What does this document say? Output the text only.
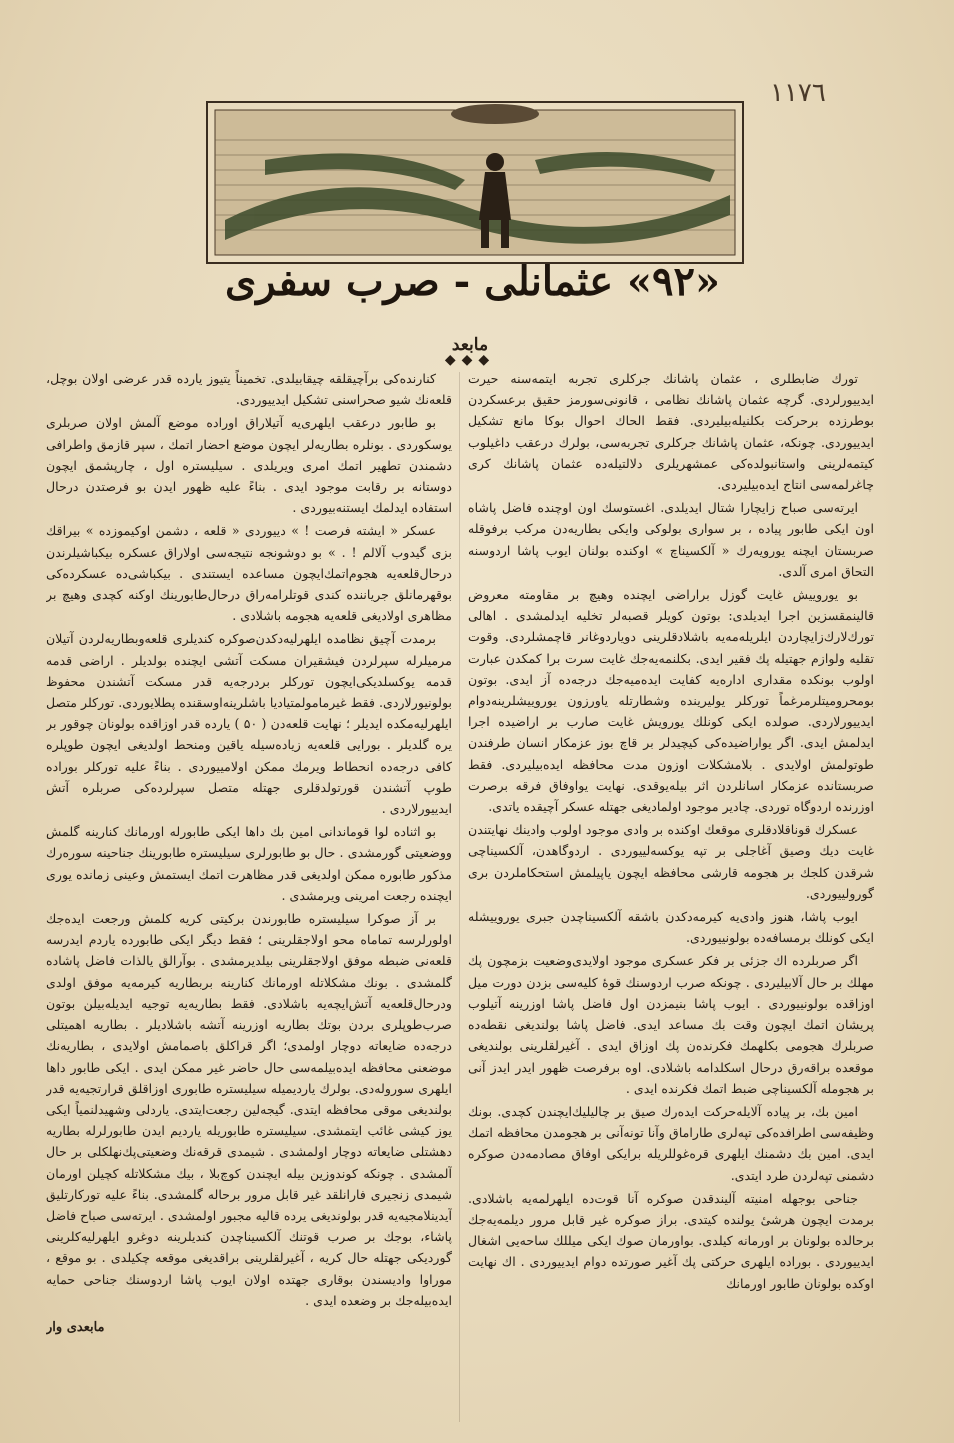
١١٧٦
«٩٢» عثمانلی - صرب سفری
مابعد
◆◆◆

تورك ضابطلری ، عثمان پاشانك جركلری تجربه ایتمه‌سنه حیرت ایدییورلردی. گرچه عثمان پاشانك نظامی ، قانونی‌سورمز حقیق برعسكردن بوطرزده برحرکت بكلنیله‌بیلیردی. فقط الحاك احوال بوكا مانع تشكیل ایدییوردی. چونكه، عثمان پاشانك جركلری تجربه‌سی، بولرك درعقب داغیلوب كیتمه‌لرینی واستانبولده‌كی عمشهریلری دلالتیله‌ده عثمان پاشانك كری چاغرلمه‌سی انتاج ایده‌بیلیردی.

ایرته‌سی صباح زایچارا شتال ایدیلدی. اغستوسك اون اوچنده فاضل پاشاه اون ایكی طابور پیاده ، بر سواری بولوكی وایكی بطاریه‌دن مركب برفوقله صربستان ایچنه یورویه‌رك « آلكسیناچ » اوكنده بولنان ایوب پاشا اردوسنه التحاق امری آلدی.

بو یوروییش غایت گوزل براراضی ایچنده وهیچ بر مقاومته معروض قالینمقسزین اجرا ایدیلدی: بوتون كویلر قصبه‌لر تخلیه ایدلمشدی . اهالی تورك‌لارك‌زایچاردن ایلریله‌مه‌یه باشلادقلرینی دویاردوغانر قاچمشلردی. وقوت تقلیه ولوازم جهتیله پك فقیر ایدی. بكلنمه‌یه‌جك غایت سرت برا كمكدن عبارت اولوب بونكده مقداری اداره‌یه كفایت ایده‌میه‌جك درجه‌ده آز ایدی. بوتون بومحرومیتلرمرغماً توركلر یولیرینده وشطارتله یاورزون یوروییشلرینه‌دوام ایدییورلاردی. صولده ایكی كونلك یورویش غایت‌ صارب بر اراضیده اجرا ایدلمش ایدی. اگر یواراضیده‌كی كیچیدلر بر قاچ بوز عزمكار انسان طرفندن طوتولمش اولایدی . بلامشكلات اوزون مدت محافظه ایده‌بیلیردی. فقط صربستانده عزمكار اسانلردن اثر بیله‌یوقدی. نهایت یواوفاق فرقه برصرت اوزرنده اردوگاه توردی. چادیر موجود اولمادیغی جهتله عسكر آچیقده یاتدی.

عسكرك قوناقلادقلری موقعك اوكنده بر وادی موجود اولوب وادینك نهایتندن غایت دیك وصیق آغاجلی بر تپه یوكسه‌لییوردی . اردوگاهدن، آلكسیناچی شرقدن كلجك بر هجومه قارشی محافظه ایچون یاپیلمش استحكاملردن بری گورولییوردی.

ایوب پاشا، هنوز وادی‌یه كیرمه‌دكدن باشقه آلكسیناچدن جبری یوروییشله ایكی كونلك برمسافه‌ده بولونییوردی.

اگر صربلرده اك جزئی بر فكر عسكری موجود اولایدی‌وضعیت بزمچون پك مهلك بر حال آلابیلیردی . چونكه صرب اردوسنك قوهٔ كلیه‌سی بزدن دورت میل اوزاقده بولونییوردی . ایوب پاشا بنیمزدن اول فاضل پاشا اوزرینه آتیلوب پریشان اتمك ایچون وقت بك مساعد ایدی. فاضل پاشا بولندیغی نقطه‌ده صربلرك هجومی بكلهمك فكرنده‌ن پك اوزاق ایدی . آغیرلقلرینی بولندیغی موقعده براقه‌رق درحال اسكلدامه باشلادی. اوه برفرصت ظهور ایدر ایدز آنی بر هجومله آلكسیناچی ضبط اتمك فكرنده ایدی .

امین بك، بر پیاده آلایله‌حركت ایده‌رك صیق بر چالیلیك‌ایچندن كچدی. بونك وظیفه‌سی اطرافده‌كی تپه‌لری طاراماق وآنا تونه‌آنی بر هجومدن محافظه اتمك ایدی. امین بك دشمنك ایلهری قره‌غوللریله برایكی اوفاق مصادمه‌دن صوكره دشمنی تپه‌لردن طرد ایتدی.

جناحی بوجهله امنیته آلیندقدن صوكره آنا قوت‌ده ایلهرلمه‌یه باشلادی. برمدت ایچون هرشیٔ یولنده كیتدی. براز صوكره غیر قابل مرور دیلمه‌یه‌جك برحالده بولونان بر اورمانه كیلدی. بواورمان صوك ایكی میللك ساحه‌یی اشغال ایدییوردی . بوراده ایلهری حركتی پك آغیر صورتده دوام ایدییوردی . اك نهایت اوكده بولونان طابور اورمانك

كنارنده‌كی برآچیقلقه چیقابیلدی. تخمیناً یتیوز یارده قدر عرضی اولان بوچل، قلعه‌نك شیو صحراسنی تشكیل ایدییوردی.

بو طابور درعقب ایلهری‌یه آتیلاراق اوراده موضع آلمش اولان صربلری یوسكوردی . بونلره بطاریه‌لر ایچون موضع احضار اتمك ، سپر قازمق واطرافی دشمندن تطهیر اتمك امری ویریلدی . سیلیستره اول ، چارپشمق ایچون دوستانه بر رقابت موجود ایدی . بناءً علیه ظهور ایدن بو فرصتدن درحال استفاده ایدلمك ایستنه‌بیوردی .

عسكر « ایشته فرصت ! » دییوردی « قلعه ، دشمن اوكیموزده » بیراقك بزی گیدوب آلالم ! . » بو دوشونجه نتیجه‌سی اولاراق عسكره بیكباشیلرندن درحال‌قلعه‌یه هجوم‌اتمك‌ایچون مساعده ایستندی . بیكباشی‌ده عسكرده‌كی بوقهرمانلق جریاننده كندی قوتلرامه‌راق درحال‌طابورینك اوكنه كچدی وهیچ بر مظاهری اولادیغی قلعه‌یه هجومه باشلادی .

برمدت آچیق نظامده ایلهرلیه‌دكدن‌صوكره كندیلری قلعه‌وبطاریه‌لردن آتیلان مرمیلرله سپرلردن فیشقیران مسكت آتشی ایچنده بولدیلر . اراضی قدمه قدمه یوكسلدیكی‌ایچون توركلر بردرجه‌یه قدر مسكت آتشندن محفوظ بولونیورلاردی. فقط غیرمامولمتیادیا باشلرینه‌اوسقنده پطلایوردی. توركلر متصل ایلهرلیه‌مكده ایدیلر ؛ نهایت قلعه‌دن ( ۵۰ ) یارده قدر اوزاقده بولونان چوقور بر یره گلدیلر . بورایی قلعه‌یه زیاده‌سیله یاقین ومنحط اولدیغی ایچون طوپلره كافی درجه‌ده انحطاط ویرمك ممكن اولامییوردی . بناءً علیه توركلر بوراده طوپ آتشندن قورتولدقلری جهتله متصل سپرلرده‌كی صربلره آتش ایدییورلاردی .

بو اثناده لوا قوماندانی امین بك داها ایكی طابورله اورمانك كنارینه گلمش ووضعیتی گورمشدی . حال بو طابورلری سیلیستره طابورینك جناحینه سوره‌رك مذكور طابوره ممكن اولدیغی قدر مظاهرت اتمك ایستمش وعینی زمانده یوری ایچنده رجعت امرینی ویرمشدی .

بر آز صوكرا سیلیستره طابورندن بركیتی كریه كلمش ورجعت ایده‌جك اولورلرسه تماماه محو اولاجقلرینی ؛ فقط دیگر ایكی طابورده یاردم ایدرسه قلعه‌نی ضبطه موفق اولاجقلرینی بیلدیرمشدی . بوآرالق یالذات فاضل پاشاده گلمشدی . بونك مشكلاتله اورمانك كنارینه بربطاریه كیرمه‌یه موفق اولدی ودرحال‌قلعه‌یه آتش‌ایچه‌یه باشلادی. فقط بطاریه‌یه توجیه ایدیله‌بیلن بوتون صرب‌طوپلری بردن بوتك بطاریه اوزرینه آتشه باشلادیلر . بطاریه اهمیتلی درجه‌ده ضایعاته دوچار اولمدی؛ اگر قراكلق باصمامش اولایدی ، بطاریه‌نك موضعنی محافظه ایده‌بیلمه‌سی حال حاضر غیر ممكن ایدی . ایكی طابور داها ایلهری سوروله‌دی. بولرك یاردیمیله سیلیستره طابوری اوزاقلق قرارتجیه‌یه قدر بولندیغی موقی محافظه ایتدی. گیجه‌لین رجعت‌ایتدی. یاردلی وشهیدلنمیاً ایكی یوز كیشی غائب ایتمشدی. سیلیستره طابوریله یاردیم ایدن طابورلرله بطاریه دهشتلی ضایعاته دوچار اولمشدی . شیمدی قرقه‌نك وضعیتی‌پك‌نهلكلی بر حال آلمشدی . چونكه كوندوزین بیله ایچندن كوچ‌بلا ، بیك مشكلاتله كچیلن اورمان شیمدی زنجیری فارانلقد غیر قابل مرور برحاله گلمشدی. بناءً علیه توركارتلیق آیدینلامجیه‌یه قدر بولوندیغی یرده قالیه مجبور اولمشدی . ایرته‌سی صباح فاضل پاشاء، بوجك بر صرب قوتنك آلكسیناچدن كندیلرینه دوغرو ایلهرلیه‌كلرینی گوردیكی جهتله حال كریه ، آغیرلقلرینی براقدیغی موقعه چكیلدی . بو موقع ، موراوا وادیسندن بوقاری جهتده اولان ایوب پاشا اردوسنك جناحی حمایه ایده‌بیله‌جك بر وضعده ایدی .

مابعدی وار
